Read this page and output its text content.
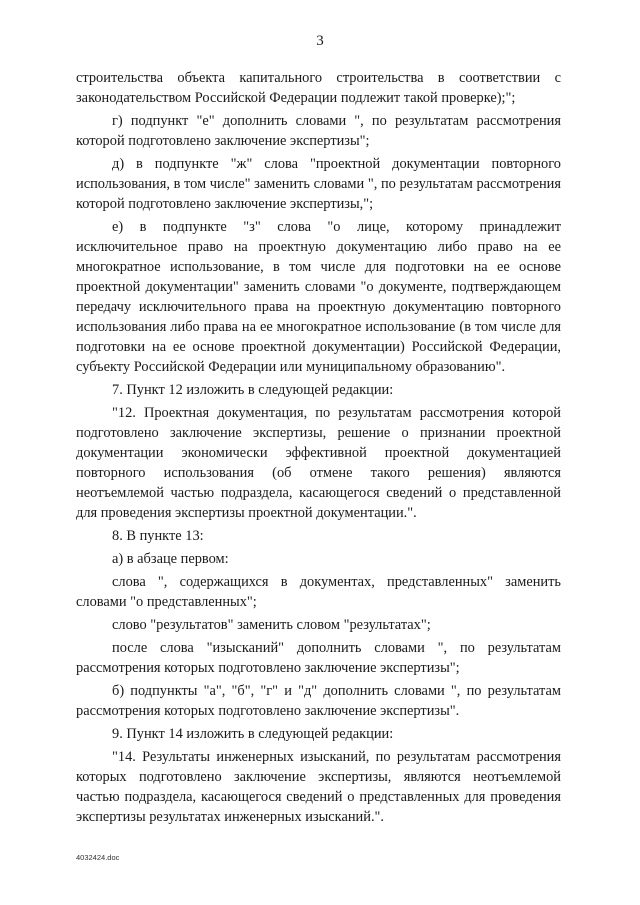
3

строительства объекта капитального строительства в соответствии с законодательством Российской Федерации подлежит такой проверке);";

г) подпункт "е" дополнить словами ", по результатам рассмотрения которой подготовлено заключение экспертизы";

д) в подпункте "ж" слова "проектной документации повторного использования, в том числе" заменить словами ", по результатам рассмотрения которой подготовлено заключение экспертизы,";

е) в подпункте "з" слова "о лице, которому принадлежит исключительное право на проектную документацию либо право на ее многократное использование, в том числе для подготовки на ее основе проектной документации" заменить словами "о документе, подтверждающем передачу исключительного права на проектную документацию повторного использования либо права на ее многократное использование (в том числе для подготовки на ее основе проектной документации) Российской Федерации, субъекту Российской Федерации или муниципальному образованию".

7. Пункт 12 изложить в следующей редакции:

"12. Проектная документация, по результатам рассмотрения которой подготовлено заключение экспертизы, решение о признании проектной документации экономически эффективной проектной документацией повторного использования (об отмене такого решения) являются неотъемлемой частью подраздела, касающегося сведений о представленной для проведения экспертизы проектной документации.".

8. В пункте 13:

а) в абзаце первом:

слова ", содержащихся в документах, представленных" заменить словами "о представленных";

слово "результатов" заменить словом "результатах";

после слова "изысканий" дополнить словами ", по результатам рассмотрения которых подготовлено заключение экспертизы";

б) подпункты "а", "б", "г" и "д" дополнить словами ", по результатам рассмотрения которых подготовлено заключение экспертизы".

9. Пункт 14 изложить в следующей редакции:

"14. Результаты инженерных изысканий, по результатам рассмотрения которых подготовлено заключение экспертизы, являются неотъемлемой частью подраздела, касающегося сведений о представленных для проведения экспертизы результатах инженерных изысканий.".

4032424.doc
